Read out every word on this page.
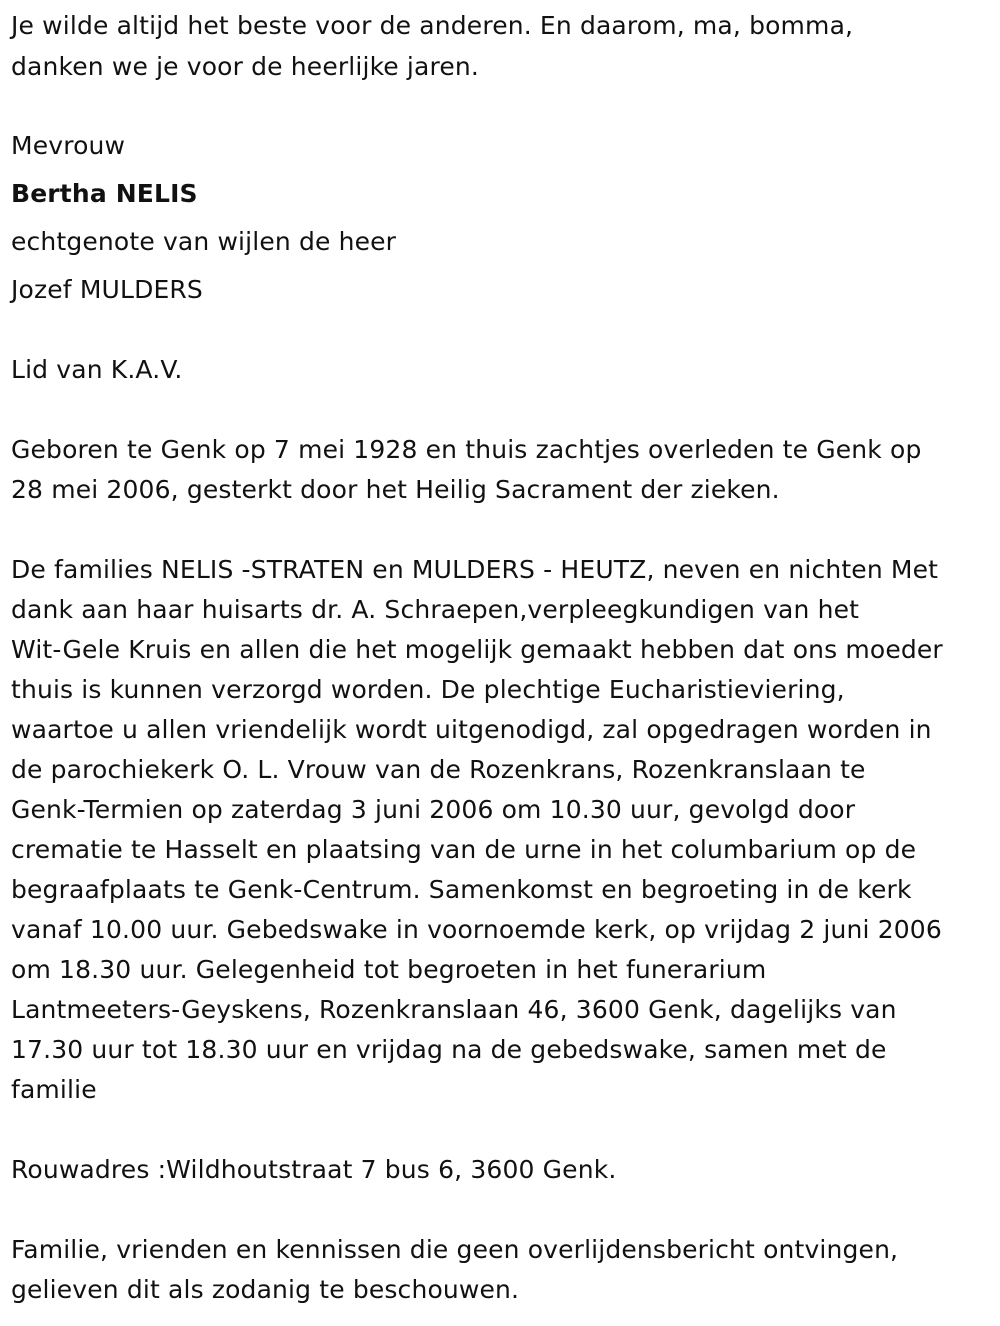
Je wilde altijd het beste voor de anderen. En daarom, ma, bomma,
danken we je voor de heerlijke jaren.
Mevrouw
Bertha NELIS
echtgenote van wijlen de heer
Jozef MULDERS
Lid van K.A.V.
Geboren te Genk op 7 mei 1928 en thuis zachtjes overleden te Genk op
28 mei 2006, gesterkt door het Heilig Sacrament der zieken.
De families NELIS -STRATEN en MULDERS - HEUTZ, neven en nichten Met
dank aan haar huisarts dr. A. Schraepen,verpleegkundigen van het
Wit-Gele Kruis en allen die het mogelijk gemaakt hebben dat ons moeder
thuis is kunnen verzorgd worden. De plechtige Eucharistieviering,
waartoe u allen vriendelijk wordt uitgenodigd, zal opgedragen worden in
de parochiekerk O. L. Vrouw van de Rozenkrans, Rozenkranslaan te
Genk-Termien op zaterdag 3 juni 2006 om 10.30 uur, gevolgd door
crematie te Hasselt en plaatsing van de urne in het columbarium op de
begraafplaats te Genk-Centrum. Samenkomst en begroeting in de kerk
vanaf 10.00 uur. Gebedswake in voornoemde kerk, op vrijdag 2 juni 2006
om 18.30 uur. Gelegenheid tot begroeten in het funerarium
Lantmeeters-Geyskens, Rozenkranslaan 46, 3600 Genk, dagelijks van
17.30 uur tot 18.30 uur en vrijdag na de gebedswake, samen met de
familie
Rouwadres :Wildhoutstraat 7 bus 6, 3600 Genk.
Familie, vrienden en kennissen die geen overlijdensbericht ontvingen,
gelieven dit als zodanig te beschouwen.
